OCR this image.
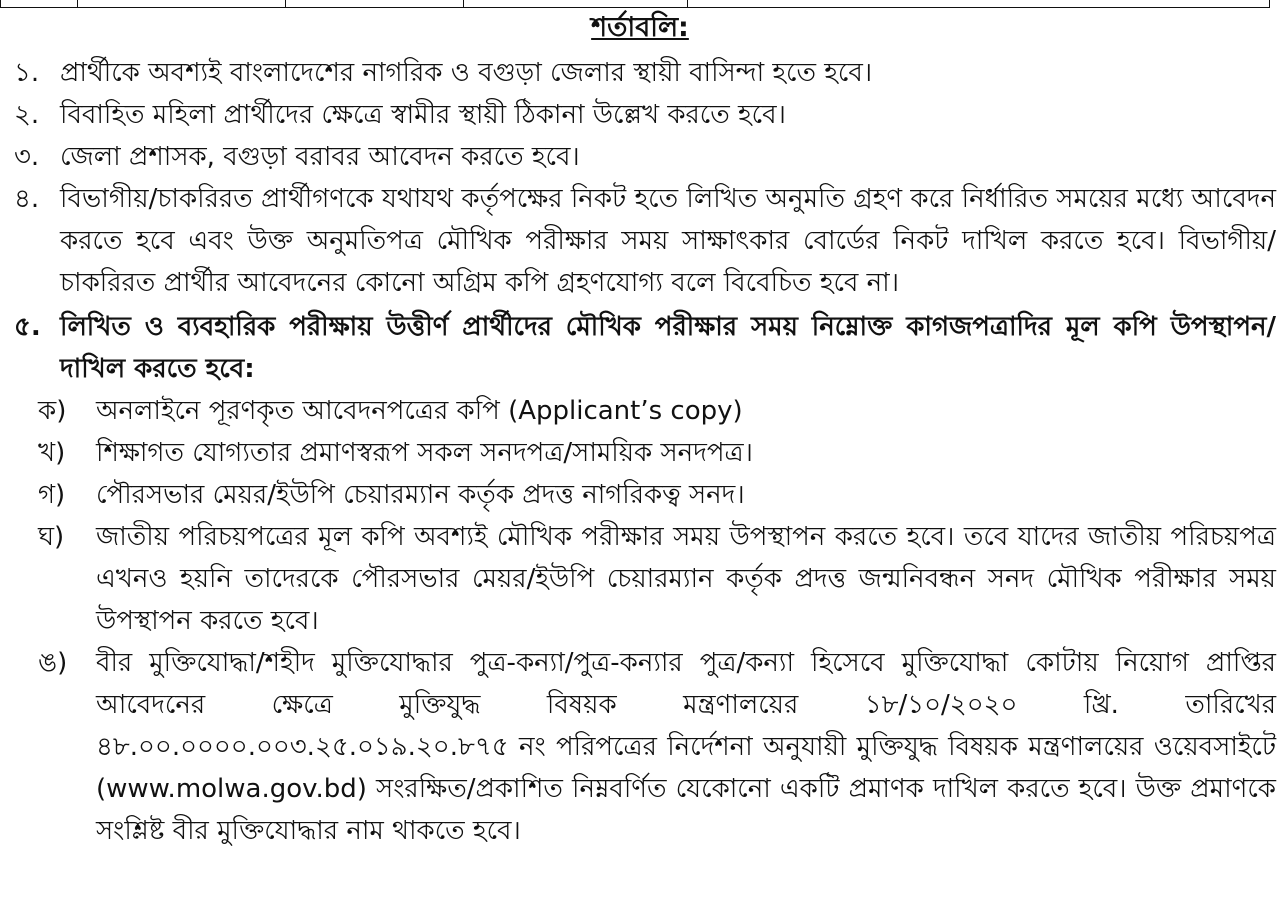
শর্তাবলি:
১. প্রার্থীকে অবশ্যই বাংলাদেশের নাগরিক ও বগুড়া জেলার স্থায়ী বাসিন্দা হতে হবে।
২. বিবাহিত মহিলা প্রার্থীদের ক্ষেত্রে স্বামীর স্থায়ী ঠিকানা উল্লেখ করতে হবে।
৩. জেলা প্রশাসক, বগুড়া বরাবর আবেদন করতে হবে।
৪. বিভাগীয়/চাকরিরত প্রার্থীগণকে যথাযথ কর্তৃপক্ষের নিকট হতে লিখিত অনুমতি গ্রহণ করে নির্ধারিত সময়ের মধ্যে আবেদন করতে হবে এবং উক্ত অনুমতিপত্র মৌখিক পরীক্ষার সময় সাক্ষাৎকার বোর্ডের নিকট দাখিল করতে হবে। বিভাগীয়/চাকরিরত প্রার্থীর আবেদনের কোনো অগ্রিম কপি গ্রহণযোগ্য বলে বিবেচিত হবে না।
৫. লিখিত ও ব্যবহারিক পরীক্ষায় উত্তীর্ণ প্রার্থীদের মৌখিক পরীক্ষার সময় নিম্নোক্ত কাগজপত্রাদির মূল কপি উপস্থাপন/দাখিল করতে হবে:
ক) অনলাইনে পূরণকৃত আবেদনপত্রের কপি (Applicant’s copy)
খ) শিক্ষাগত যোগ্যতার প্রমাণস্বরূপ সকল সনদপত্র/সাময়িক সনদপত্র।
গ) পৌরসভার মেয়র/ইউপি চেয়ারম্যান কর্তৃক প্রদত্ত নাগরিকত্ব সনদ।
ঘ) জাতীয় পরিচয়পত্রের মূল কপি অবশ্যই মৌখিক পরীক্ষার সময় উপস্থাপন করতে হবে। তবে যাদের জাতীয় পরিচয়পত্র এখনও হয়নি তাদেরকে পৌরসভার মেয়র/ইউপি চেয়ারম্যান কর্তৃক প্রদত্ত জন্মনিবন্ধন সনদ মৌখিক পরীক্ষার সময় উপস্থাপন করতে হবে।
ঙ) বীর মুক্তিযোদ্ধা/শহীদ মুক্তিযোদ্ধার পুত্র-কন্যা/পুত্র-কন্যার পুত্র/কন্যা হিসেবে মুক্তিযোদ্ধা কোটায় নিয়োগ প্রাপ্তির আবেদনের ক্ষেত্রে মুক্তিযুদ্ধ বিষয়ক মন্ত্রণালয়ের ১৮/১০/২০২০ খ্রি. তারিখের ৪৮.০০.০০০০.০০৩.২৫.০১৯.২০.৮৭৫ নং পরিপত্রের নির্দেশনা অনুযায়ী মুক্তিযুদ্ধ বিষয়ক মন্ত্রণালয়ের ওয়েবসাইটে (www.molwa.gov.bd) সংরক্ষিত/প্রকাশিত নিম্নবর্ণিত যেকোনো একটি প্রমাণক দাখিল করতে হবে। উক্ত প্রমাণকে সংশ্লিষ্ট বীর মুক্তিযোদ্ধার নাম থাকতে হবে।
